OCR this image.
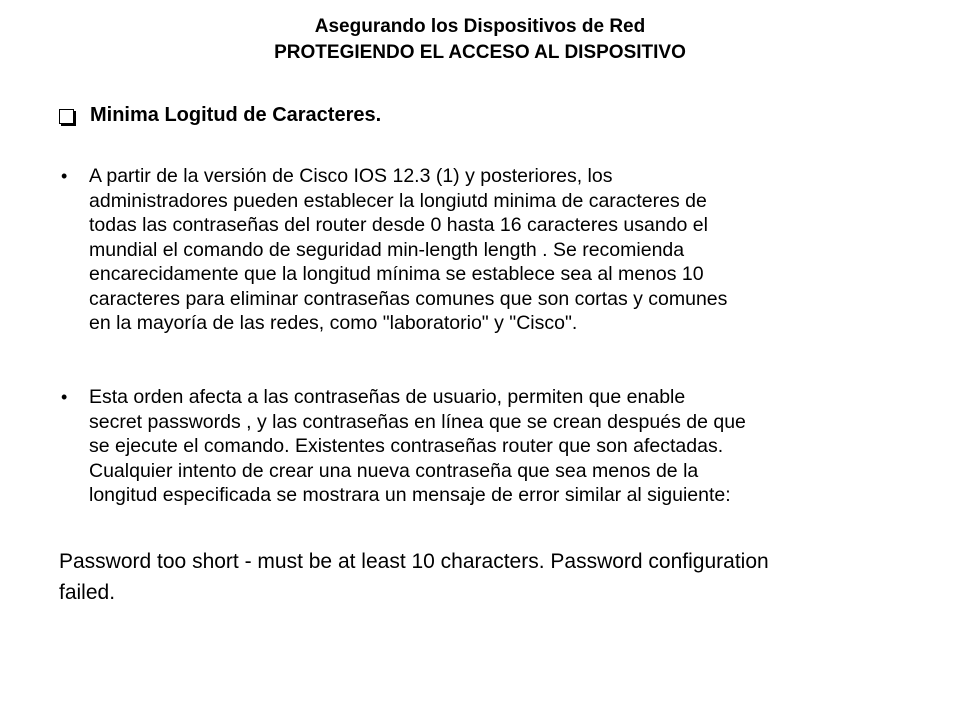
Asegurando los Dispositivos de Red
PROTEGIENDO EL ACCESO AL DISPOSITIVO
Minima Logitud de Caracteres.
•	A partir de la versión de Cisco IOS 12.3 (1) y posteriores, los
administradores pueden establecer la longiutd minima de caracteres de
todas las contraseñas del router desde 0 hasta 16 caracteres usando el
mundial el comando de seguridad min-length length . Se recomienda
encarecidamente que la longitud mínima se establece sea al menos 10
caracteres para eliminar contraseñas comunes que son cortas y comunes
en la mayoría de las redes, como "laboratorio" y "Cisco".
•	Esta orden afecta a las contraseñas de usuario, permiten que enable
secret passwords , y las contraseñas en línea que se crean después de que
se ejecute el comando. Existentes contraseñas router que son afectadas.
Cualquier intento de crear una nueva contraseña que sea menos de la
longitud especificada se mostrara un mensaje de error similar al siguiente:
Password too short - must be at least 10 characters. Password configuration
failed.
